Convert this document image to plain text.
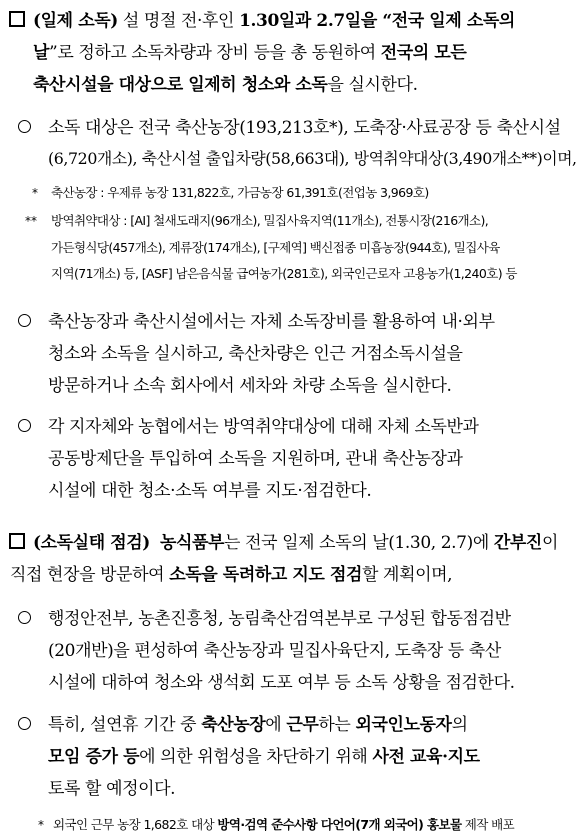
(일제 소독) 설 명절 전·후인 1.30일과 2.7일을 “전국 일제 소독의
날”로 정하고 소독차량과 장비 등을 총 동원하여 전국의 모든
축산시설을 대상으로 일제히 청소와 소독을 실시한다.
소독 대상은 전국 축산농장(193,213호*), 도축장·사료공장 등 축산시설
(6,720개소), 축산시설 출입차량(58,663대), 방역취약대상(3,490개소**)이며,
* 축산농장 : 우제류 농장 131,822호, 가금농장 61,391호(전업농 3,969호)
** 방역취약대상 : [AI] 철새도래지(96개소), 밀집사육지역(11개소), 전통시장(216개소),
가든형식당(457개소), 계류장(174개소), [구제역] 백신접종 미흡농장(944호), 밀집사육
지역(71개소) 등, [ASF] 남은음식물 급여농가(281호), 외국인근로자 고용농가(1,240호) 등
축산농장과 축산시설에서는 자체 소독장비를 활용하여 내·외부
청소와 소독을 실시하고, 축산차량은 인근 거점소독시설을
방문하거나 소속 회사에서 세차와 차량 소독을 실시한다.
각 지자체와 농협에서는 방역취약대상에 대해 자체 소독반과
공동방제단을 투입하여 소독을 지원하며, 관내 축산농장과
시설에 대한 청소·소독 여부를 지도·점검한다.
(소독실태 점검) 농식품부는 전국 일제 소독의 날(1.30, 2.7)에 간부진이
직접 현장을 방문하여 소독을 독려하고 지도 점검할 계획이며,
행정안전부, 농촌진흥청, 농림축산검역본부로 구성된 합동점검반
(20개반)을 편성하여 축산농장과 밀집사육단지, 도축장 등 축산
시설에 대하여 청소와 생석회 도포 여부 등 소독 상황을 점검한다.
특히, 설연휴 기간 중 축산농장에 근무하는 외국인노동자의
모임 증가 등에 의한 위험성을 차단하기 위해 사전 교육·지도
토록 할 예정이다.
* 외국인 근무 농장 1,682호 대상 방역·검역 준수사항 다언어(7개 외국어) 홍보물 제작 배포
